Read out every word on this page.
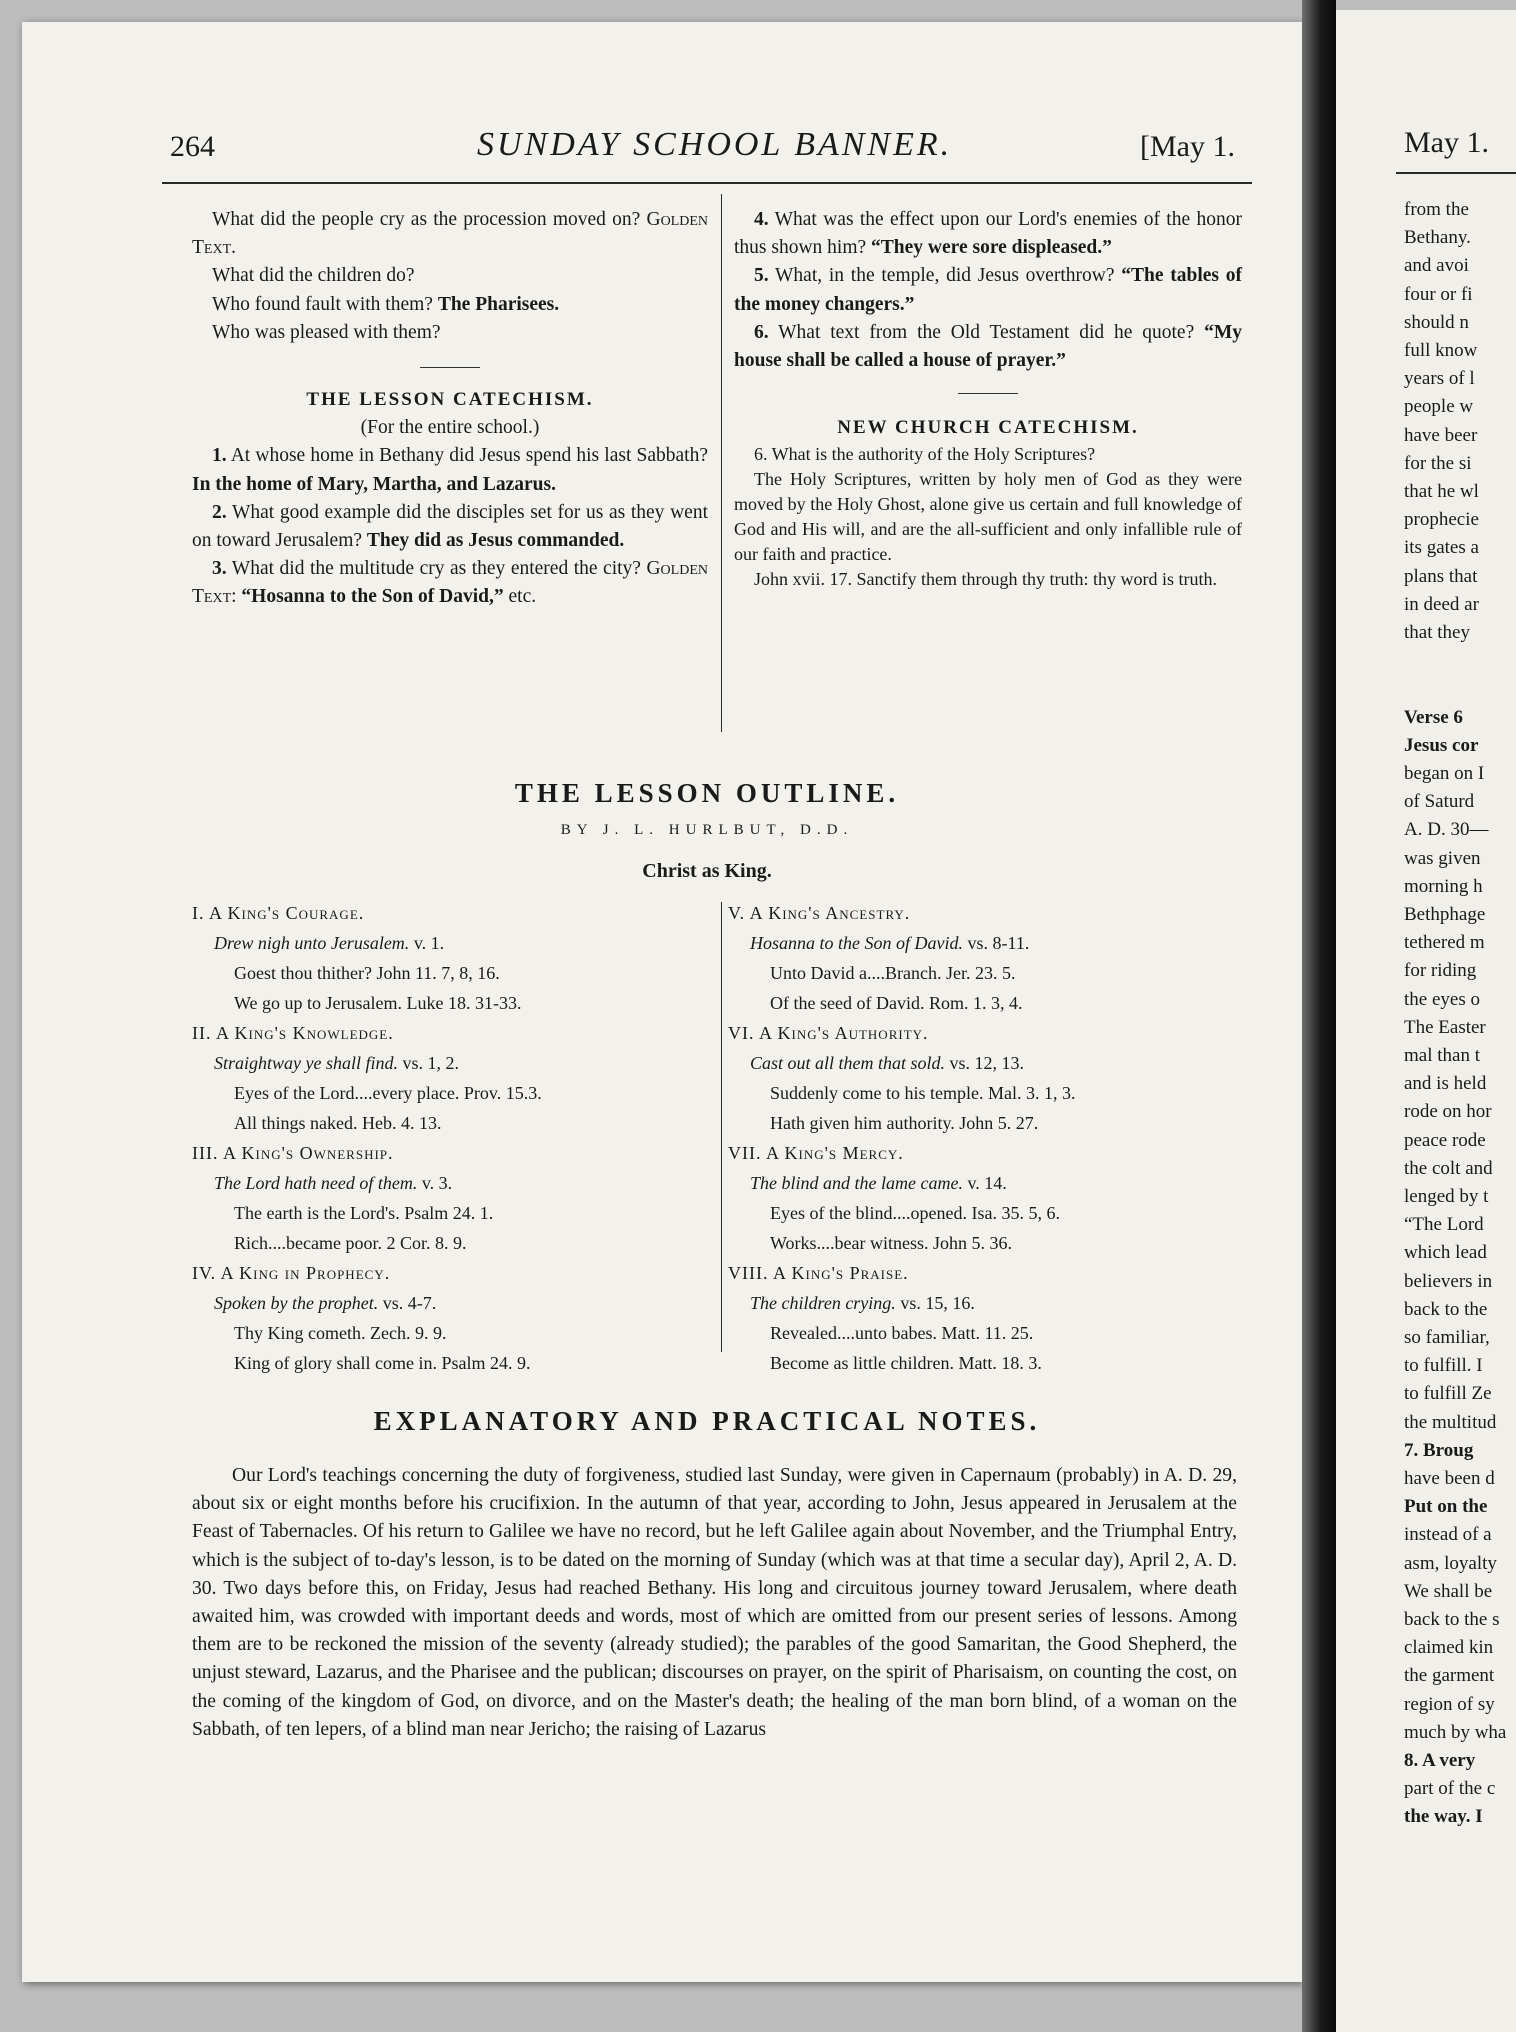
264	SUNDAY SCHOOL BANNER.	[May 1.

What did the people cry as the procession moved on? Golden Text.

What did the children do?

Who found fault with them? The Pharisees.

Who was pleased with them?

THE LESSON CATECHISM.

(For the entire school.)

1. At whose home in Bethany did Jesus spend his last Sabbath? In the home of Mary, Martha, and Lazarus.

2. What good example did the disciples set for us as they went on toward Jerusalem? They did as Jesus commanded.

3. What did the multitude cry as they entered the city? Golden Text: “Hosanna to the Son of David,” etc.

4. What was the effect upon our Lord's enemies of the honor thus shown him? “They were sore displeased.”

5. What, in the temple, did Jesus overthrow? “The tables of the money changers.”

6. What text from the Old Testament did he quote? “My house shall be called a house of prayer.”

NEW CHURCH CATECHISM.

6. What is the authority of the Holy Scriptures?

The Holy Scriptures, written by holy men of God as they were moved by the Holy Ghost, alone give us certain and full knowledge of God and His will, and are the all-sufficient and only infallible rule of our faith and practice.

John xvii. 17. Sanctify them through thy truth: thy word is truth.

THE LESSON OUTLINE.
BY J. L. HURLBUT, D.D.
Christ as King.
I. A King's Courage.
Drew nigh unto Jerusalem. v. 1.
Goest thou thither? John 11. 7, 8, 16.
We go up to Jerusalem. Luke 18. 31-33.
II. A King's Knowledge.
Straightway ye shall find. vs. 1, 2.
Eyes of the Lord....every place. Prov. 15.3.
All things naked. Heb. 4. 13.
III. A King's Ownership.
The Lord hath need of them. v. 3.
The earth is the Lord's. Psalm 24. 1.
Rich....became poor. 2 Cor. 8. 9.
IV. A King in Prophecy.
Spoken by the prophet. vs. 4-7.
Thy King cometh. Zech. 9. 9.
King of glory shall come in. Psalm 24. 9.
V. A King's Ancestry.
Hosanna to the Son of David. vs. 8-11.
Unto David a....Branch. Jer. 23. 5.
Of the seed of David. Rom. 1. 3, 4.
VI. A King's Authority.
Cast out all them that sold. vs. 12, 13.
Suddenly come to his temple. Mal. 3. 1, 3.
Hath given him authority. John 5. 27.
VII. A King's Mercy.
The blind and the lame came. v. 14.
Eyes of the blind....opened. Isa. 35. 5, 6.
Works....bear witness. John 5. 36.
VIII. A King's Praise.
The children crying. vs. 15, 16.
Revealed....unto babes. Matt. 11. 25.
Become as little children. Matt. 18. 3.
EXPLANATORY AND PRACTICAL NOTES.

Our Lord's teachings concerning the duty of forgiveness, studied last Sunday, were given in Capernaum (probably) in A. D. 29, about six or eight months before his crucifixion. In the autumn of that year, according to John, Jesus appeared in Jerusalem at the Feast of Tabernacles. Of his return to Galilee we have no record, but he left Galilee again about November, and the Triumphal Entry, which is the subject of to-day's lesson, is to be dated on the morning of Sunday (which was at that time a secular day), April 2, A. D. 30. Two days before this, on Friday, Jesus had reached Bethany. His long and circuitous journey toward Jerusalem, where death awaited him, was crowded with important deeds and words, most of which are omitted from our present series of lessons. Among them are to be reckoned the mission of the seventy (already studied); the parables of the good Samaritan, the Good Shepherd, the unjust steward, Lazarus, and the Pharisee and the publican; discourses on prayer, on the spirit of Pharisaism, on counting the cost, on the coming of the kingdom of God, on divorce, and on the Master's death; the healing of the man born blind, of a woman on the Sabbath, of ten lepers, of a blind man near Jericho; the raising of Lazarus

May 1.
from the
Bethany.
and avoi
four or fi
should n
full know
years of l
people w
have beer
for the si
that he wl
prophecie
its gates a
plans that
in deed ar
that they
Verse 6
Jesus cor
began on I
of Saturd
A. D. 30—
was given
morning h
Bethphage
tethered m
for riding
the eyes o
The Easter
mal than t
and is held
rode on hor
peace rode
the colt and
lenged by t
“The Lord
which lead
believers in
back to the
so familiar,
to fulfill. I
to fulfill Ze
the multitud
7. Broug
have been d
Put on the
instead of a
asm, loyalty
We shall be
back to the s
claimed kin
the garment
region of sy
much by wha
8. A very
part of the c
the way. I
